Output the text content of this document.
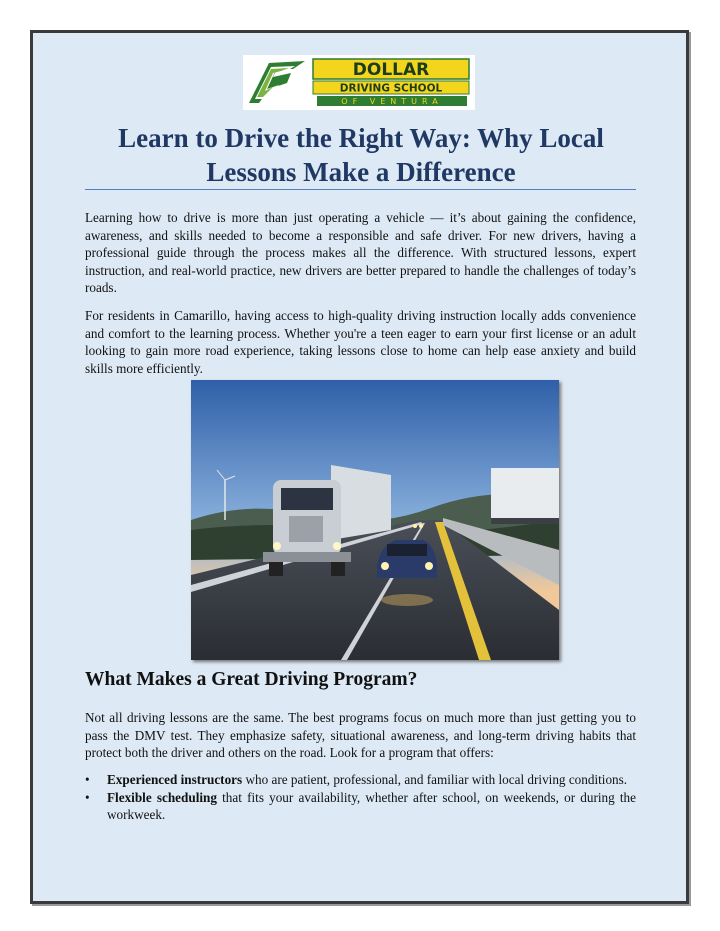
DOLLAR
DRIVING SCHOOL
OF VENTURA
Learn to Drive the Right Way: Why Local Lessons Make a Difference

Learning how to drive is more than just operating a vehicle — it’s about gaining the confidence, awareness, and skills needed to become a responsible and safe driver. For new drivers, having a professional guide through the process makes all the difference. With structured lessons, expert instruction, and real-world practice, new drivers are better prepared to handle the challenges of today’s roads.

For residents in Camarillo, having access to high-quality driving instruction locally adds convenience and comfort to the learning process. Whether you're a teen eager to earn your first license or an adult looking to gain more road experience, taking lessons close to home can help ease anxiety and build skills more efficiently.

What Makes a Great Driving Program?

Not all driving lessons are the same. The best programs focus on much more than just getting you to pass the DMV test. They emphasize safety, situational awareness, and long-term driving habits that protect both the driver and others on the road. Look for a program that offers:

• Experienced instructors who are patient, professional, and familiar with local driving conditions.
• Flexible scheduling that fits your availability, whether after school, on weekends, or during the workweek.
